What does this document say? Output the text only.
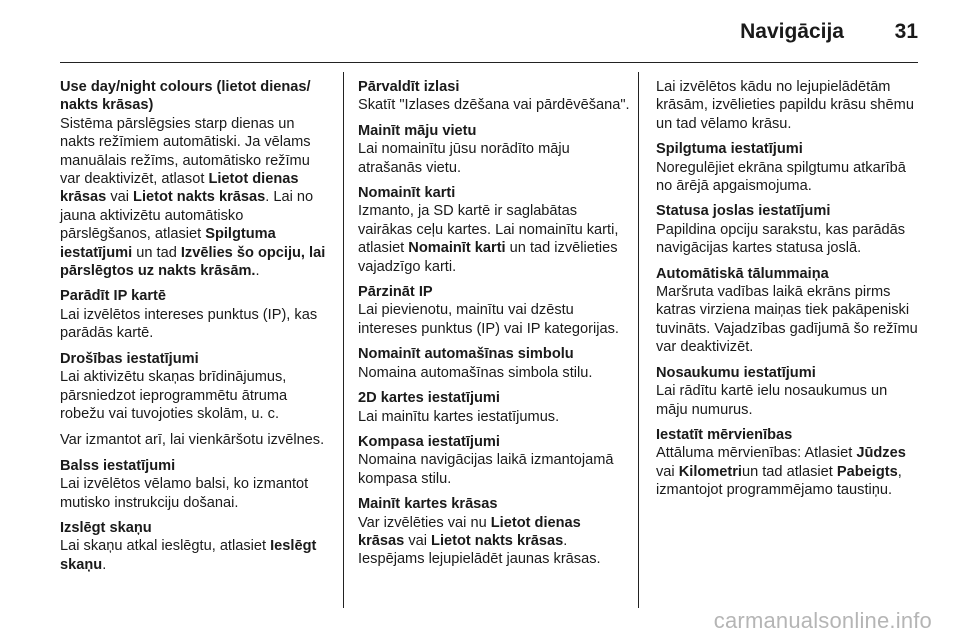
Navigācija 31
Use day/night colours (lietot dienas/ nakts krāsas)

Sistēma pārslēgsies starp dienas un nakts režīmiem automātiski. Ja vēlams manuālais režīms, automātisko režīmu var deaktivizēt, atlasot Lietot dienas krāsas vai Lietot nakts krāsas. Lai no jauna aktivizētu automātisko pārslēgšanos, atlasiet Spilgtuma iestatījumi un tad Izvēlies šo opciju, lai pārslēgtos uz nakts krāsām..

Parādīt IP kartē

Lai izvēlētos intereses punktus (IP), kas parādās kartē.

Drošības iestatījumi

Lai aktivizētu skaņas brīdinājumus, pārsniedzot ieprogrammētu ātruma robežu vai tuvojoties skolām, u. c.

Var izmantot arī, lai vienkāršotu izvēlnes.

Balss iestatījumi

Lai izvēlētos vēlamo balsi, ko izmantot mutisko instrukciju došanai.

Izslēgt skaņu

Lai skaņu atkal ieslēgtu, atlasiet Ieslēgt skaņu.

Pārvaldīt izlasi

Skatīt "Izlases dzēšana vai pārdēvēšana".

Mainīt māju vietu

Lai nomainītu jūsu norādīto māju atrašanās vietu.

Nomainīt karti

Izmanto, ja SD kartē ir saglabātas vairākas ceļu kartes. Lai nomainītu karti, atlasiet Nomainīt karti un tad izvēlieties vajadzīgo karti.

Pārzināt IP

Lai pievienotu, mainītu vai dzēstu intereses punktus (IP) vai IP kategorijas.

Nomainīt automašīnas simbolu

Nomaina automašīnas simbola stilu.

2D kartes iestatījumi

Lai mainītu kartes iestatījumus.

Kompasa iestatījumi

Nomaina navigācijas laikā izmantojamā kompasa stilu.

Mainīt kartes krāsas

Var izvēlēties vai nu Lietot dienas krāsas vai Lietot nakts krāsas. Iespējams lejupielādēt jaunas krāsas.

Lai izvēlētos kādu no lejupielādētām krāsām, izvēlieties papildu krāsu shēmu un tad vēlamo krāsu.

Spilgtuma iestatījumi

Noregulējiet ekrāna spilgtumu atkarībā no ārējā apgaismojuma.

Statusa joslas iestatījumi

Papildina opciju sarakstu, kas parādās navigācijas kartes statusa joslā.

Automātiskā tālummaiņa

Maršruta vadības laikā ekrāns pirms katras virziena maiņas tiek pakāpeniski tuvināts. Vajadzības gadījumā šo režīmu var deaktivizēt.

Nosaukumu iestatījumi

Lai rādītu kartē ielu nosaukumus un māju numurus.

Iestatīt mērvienības

Attāluma mērvienības: Atlasiet Jūdzes vai Kilometriun tad atlasiet Pabeigts, izmantojot programmējamo taustiņu.

carmanualsonline.info
